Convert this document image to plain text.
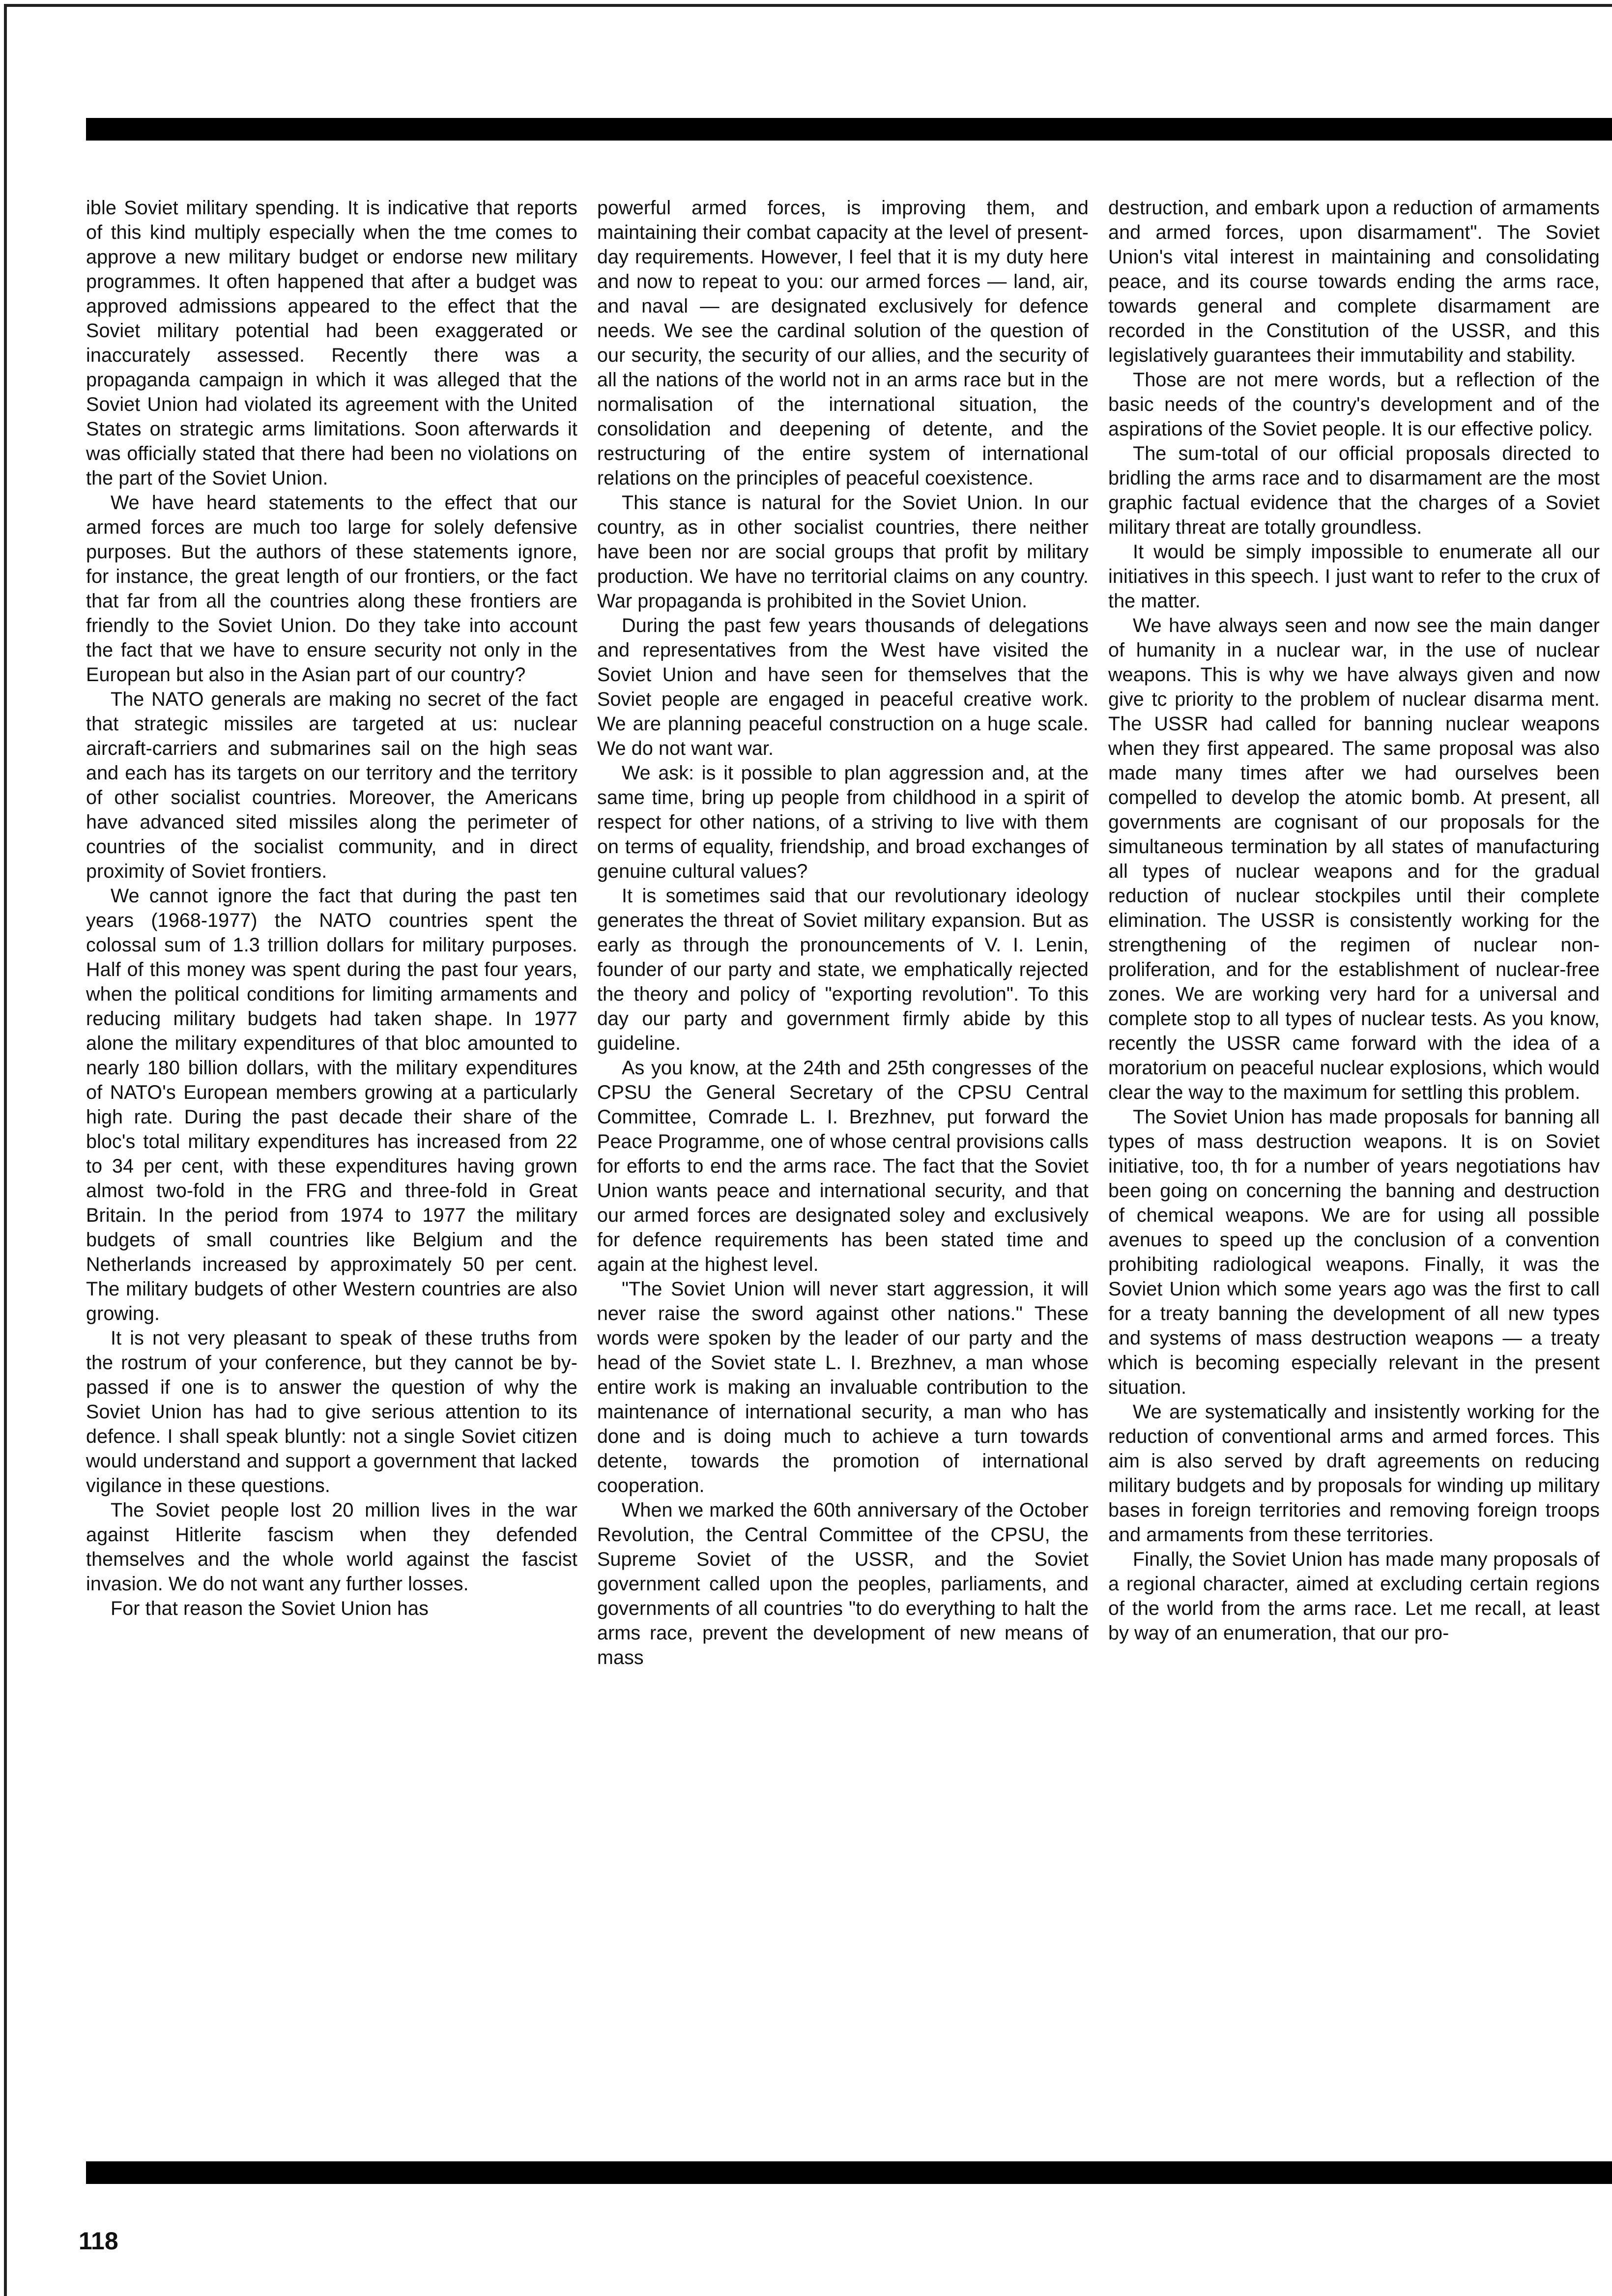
ible Soviet military spending. It is indicative that reports of this kind multiply especially when the tme comes to approve a new military budget or endorse new military programmes. It often happened that after a budget was approved admissions appeared to the effect that the Soviet military potential had been exaggerated or inaccurately assessed. Recently there was a propaganda campaign in which it was alleged that the Soviet Union had violated its agreement with the United States on strategic arms limitations. Soon afterwards it was officially stated that there had been no violations on the part of the Soviet Union.

We have heard statements to the effect that our armed forces are much too large for solely defensive purposes. But the authors of these statements ignore, for instance, the great length of our frontiers, or the fact that far from all the countries along these frontiers are friendly to the Soviet Union. Do they take into account the fact that we have to ensure security not only in the European but also in the Asian part of our country?

The NATO generals are making no secret of the fact that strategic missiles are targeted at us: nuclear aircraft-carriers and submarines sail on the high seas and each has its targets on our territory and the territory of other socialist countries. Moreover, the Americans have advanced sited missiles along the perimeter of countries of the socialist community, and in direct proximity of Soviet frontiers.

We cannot ignore the fact that during the past ten years (1968-1977) the NATO countries spent the colossal sum of 1.3 trillion dollars for military purposes. Half of this money was spent during the past four years, when the political conditions for limiting armaments and reducing military budgets had taken shape. In 1977 alone the military expenditures of that bloc amounted to nearly 180 billion dollars, with the military expenditures of NATO's European members growing at a particularly high rate. During the past decade their share of the bloc's total military expenditures has increased from 22 to 34 per cent, with these expenditures having grown almost two-fold in the FRG and three-fold in Great Britain. In the period from 1974 to 1977 the military budgets of small countries like Belgium and the Netherlands increased by approximately 50 per cent. The military budgets of other Western countries are also growing.

It is not very pleasant to speak of these truths from the rostrum of your conference, but they cannot be by-passed if one is to answer the question of why the Soviet Union has had to give serious attention to its defence. I shall speak bluntly: not a single Soviet citizen would understand and support a government that lacked vigilance in these questions.

The Soviet people lost 20 million lives in the war against Hitlerite fascism when they defended themselves and the whole world against the fascist invasion. We do not want any further losses.

For that reason the Soviet Union has

powerful armed forces, is improving them, and maintaining their combat capacity at the level of present-day requirements. However, I feel that it is my duty here and now to repeat to you: our armed forces — land, air, and naval — are designated exclusively for defence needs. We see the cardinal solution of the question of our security, the security of our allies, and the security of all the nations of the world not in an arms race but in the normalisation of the international situation, the consolidation and deepening of detente, and the restructuring of the entire system of international relations on the principles of peaceful coexistence.

This stance is natural for the Soviet Union. In our country, as in other socialist countries, there neither have been nor are social groups that profit by military production. We have no territorial claims on any country. War propaganda is prohibited in the Soviet Union.

During the past few years thousands of delegations and representatives from the West have visited the Soviet Union and have seen for themselves that the Soviet people are engaged in peaceful creative work. We are planning peaceful construction on a huge scale. We do not want war.

We ask: is it possible to plan aggression and, at the same time, bring up people from childhood in a spirit of respect for other nations, of a striving to live with them on terms of equality, friendship, and broad exchanges of genuine cultural values?

It is sometimes said that our revolutionary ideology generates the threat of Soviet military expansion. But as early as through the pronouncements of V. I. Lenin, founder of our party and state, we emphatically rejected the theory and policy of "exporting revolution". To this day our party and government firmly abide by this guideline.

As you know, at the 24th and 25th congresses of the CPSU the General Secretary of the CPSU Central Committee, Comrade L. I. Brezhnev, put forward the Peace Programme, one of whose central provisions calls for efforts to end the arms race. The fact that the Soviet Union wants peace and international security, and that our armed forces are designated soley and exclusively for defence requirements has been stated time and again at the highest level.

"The Soviet Union will never start aggression, it will never raise the sword against other nations." These words were spoken by the leader of our party and the head of the Soviet state L. I. Brezhnev, a man whose entire work is making an invaluable contribution to the maintenance of international security, a man who has done and is doing much to achieve a turn towards detente, towards the promotion of international cooperation.

When we marked the 60th anniversary of the October Revolution, the Central Committee of the CPSU, the Supreme Soviet of the USSR, and the Soviet government called upon the peoples, parliaments, and governments of all countries "to do everything to halt the arms race, prevent the development of new means of mass

destruction, and embark upon a reduction of armaments and armed forces, upon disarmament". The Soviet Union's vital interest in maintaining and consolidating peace, and its course towards ending the arms race, towards general and complete disarmament are recorded in the Constitution of the USSR, and this legislatively guarantees their immutability and stability.

Those are not mere words, but a reflection of the basic needs of the country's development and of the aspirations of the Soviet people. It is our effective policy.

The sum-total of our official proposals directed to bridling the arms race and to disarmament are the most graphic factual evidence that the charges of a Soviet military threat are totally groundless.

It would be simply impossible to enumerate all our initiatives in this speech. I just want to refer to the crux of the matter.

We have always seen and now see the main danger of humanity in a nuclear war, in the use of nuclear weapons. This is why we have always given and now give tc priority to the problem of nuclear disarma ment. The USSR had called for banning nuclear weapons when they first appeared. The same proposal was also made many times after we had ourselves been compelled to develop the atomic bomb. At present, all governments are cognisant of our proposals for the simultaneous termination by all states of manufacturing all types of nuclear weapons and for the gradual reduction of nuclear stockpiles until their complete elimination. The USSR is consistently working for the strengthening of the regimen of nuclear non-proliferation, and for the establishment of nuclear-free zones. We are working very hard for a universal and complete stop to all types of nuclear tests. As you know, recently the USSR came forward with the idea of a moratorium on peaceful nuclear explosions, which would clear the way to the maximum for settling this problem.

The Soviet Union has made proposals for banning all types of mass destruction weapons. It is on Soviet initiative, too, th for a number of years negotiations hav been going on concerning the banning and destruction of chemical weapons. We are for using all possible avenues to speed up the conclusion of a convention prohibiting radiological weapons. Finally, it was the Soviet Union which some years ago was the first to call for a treaty banning the development of all new types and systems of mass destruction weapons — a treaty which is becoming especially relevant in the present situation.

We are systematically and insistently working for the reduction of conventional arms and armed forces. This aim is also served by draft agreements on reducing military budgets and by proposals for winding up military bases in foreign territories and removing foreign troops and armaments from these territories.

Finally, the Soviet Union has made many proposals of a regional character, aimed at excluding certain regions of the world from the arms race. Let me recall, at least by way of an enumeration, that our pro-

118
